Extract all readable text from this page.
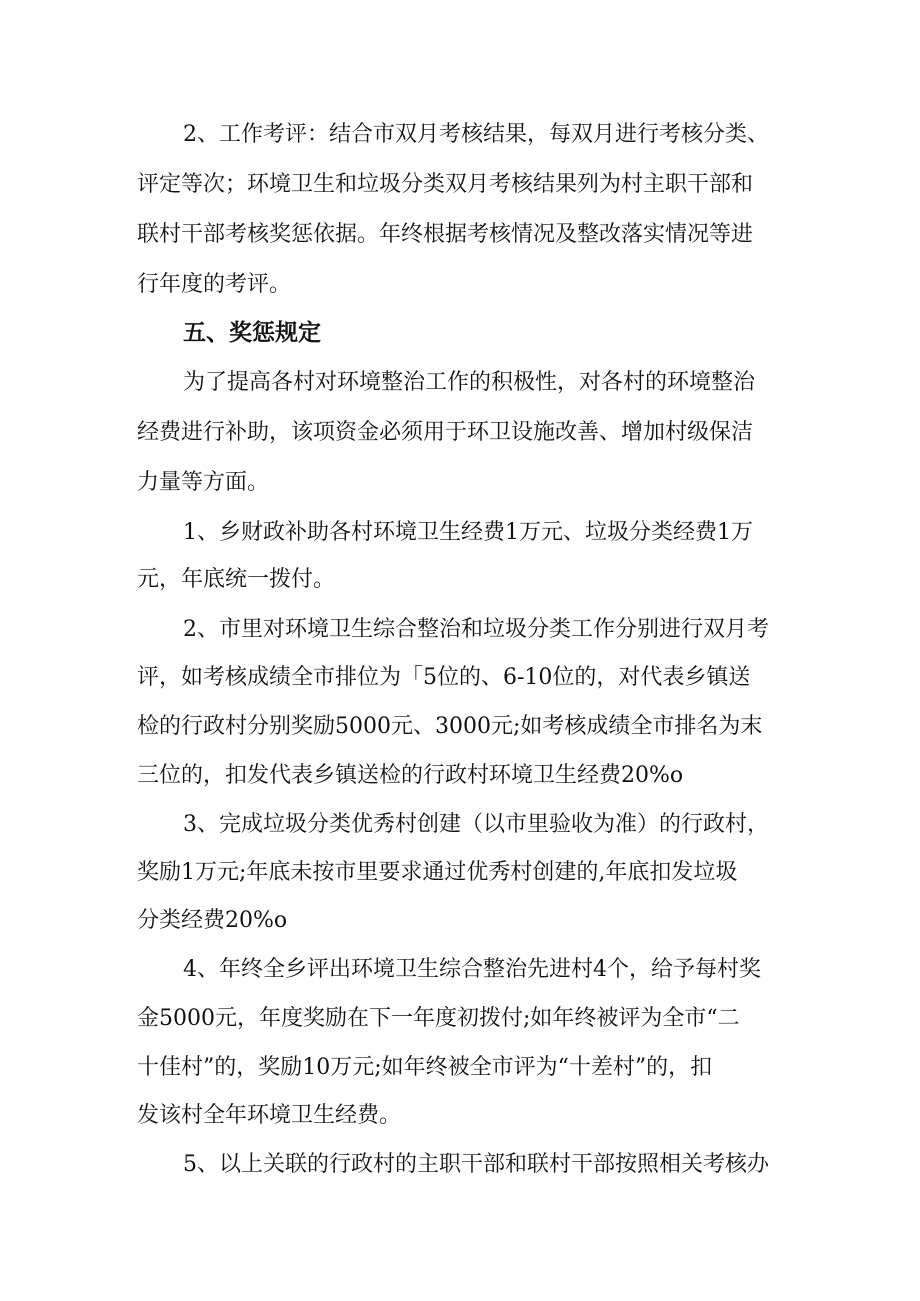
2、工作考评：结合市双月考核结果，每双月进行考核分类、
评定等次；环境卫生和垃圾分类双月考核结果列为村主职干部和
联村干部考核奖惩依据。年终根据考核情况及整改落实情况等进
行年度的考评。
五、奖惩规定
为了提高各村对环境整治工作的积极性，对各村的环境整治
经费进行补助，该项资金必须用于环卫设施改善、增加村级保洁
力量等方面。
1、乡财政补助各村环境卫生经费1万元、垃圾分类经费1万
元，年底统一拨付。
2、市里对环境卫生综合整治和垃圾分类工作分别进行双月考
评，如考核成绩全市排位为「5位的、6-10位的，对代表乡镇送
检的行政村分别奖励5000元、3000元;如考核成绩全市排名为末
三位的，扣发代表乡镇送检的行政村环境卫生经费20%o
3、完成垃圾分类优秀村创建（以市里验收为准）的行政村，
奖励1万元;年底未按市里要求通过优秀村创建的,年底扣发垃圾
分类经费20%o
4、年终全乡评出环境卫生综合整治先进村4个，给予每村奖
金5000元，年度奖励在下一年度初拨付;如年终被评为全市“二
十佳村”的，奖励10万元;如年终被全市评为“十差村”的，扣
发该村全年环境卫生经费。
5、以上关联的行政村的主职干部和联村干部按照相关考核办
